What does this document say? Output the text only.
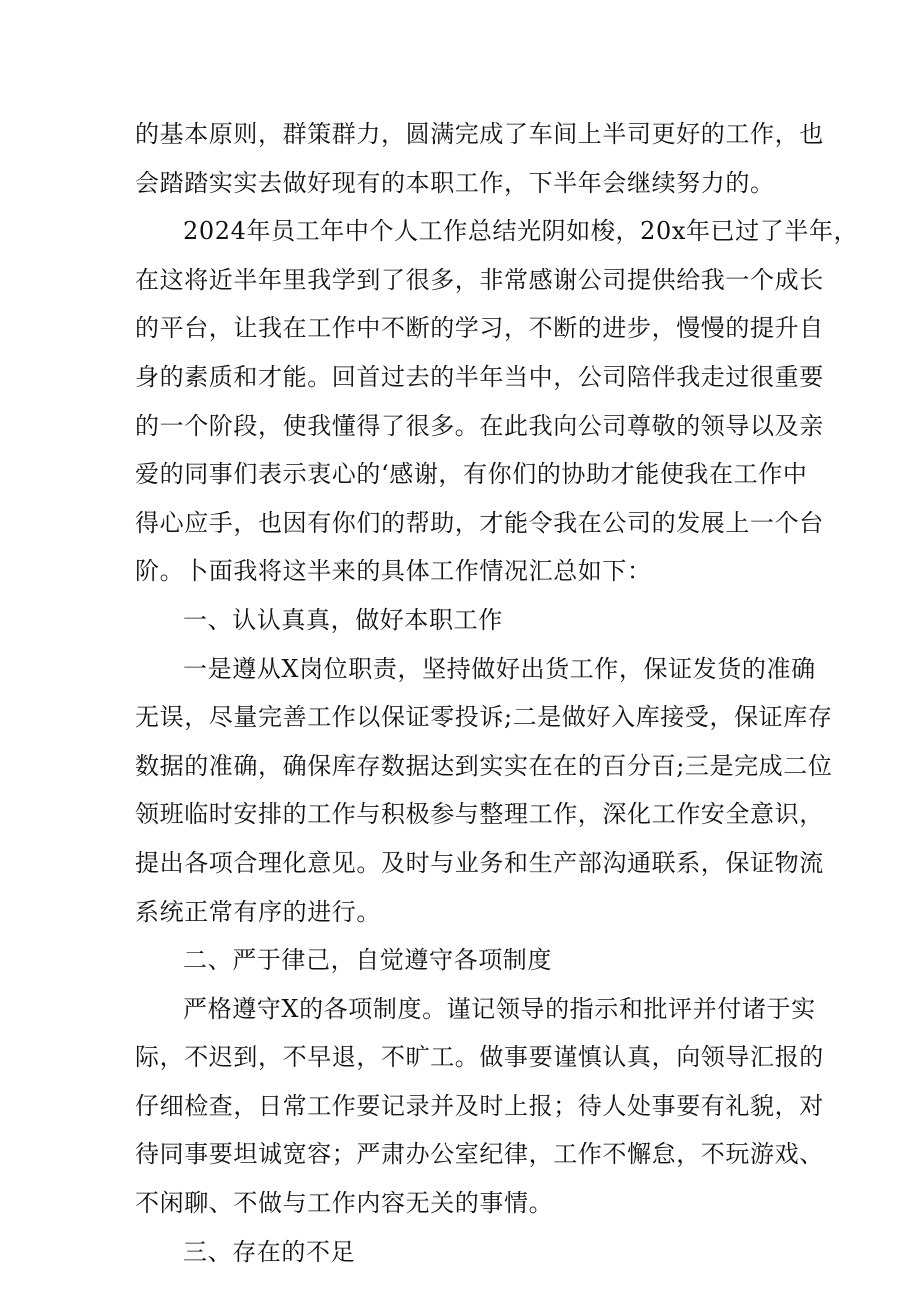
的基本原则，群策群力，圆满完成了车间上半司更好的工作，也
会踏踏实实去做好现有的本职工作，下半年会继续努力的。
2024年员工年中个人工作总结光阴如梭，20x年已过了半年，
在这将近半年里我学到了很多，非常感谢公司提供给我一个成长
的平台，让我在工作中不断的学习，不断的进步，慢慢的提升自
身的素质和才能。回首过去的半年当中，公司陪伴我走过很重要
的一个阶段，使我懂得了很多。在此我向公司尊敬的领导以及亲
爱的同事们表示衷心的‘感谢，有你们的协助才能使我在工作中
得心应手，也因有你们的帮助，才能令我在公司的发展上一个台
阶。卜面我将这半来的具体工作情况汇总如下：
一、认认真真，做好本职工作
一是遵从X岗位职责，坚持做好出货工作，保证发货的准确
无误，尽量完善工作以保证零投诉;二是做好入库接受，保证库存
数据的准确，确保库存数据达到实实在在的百分百;三是完成二位
领班临时安排的工作与积极参与整理工作，深化工作安全意识，
提出各项合理化意见。及时与业务和生产部沟通联系，保证物流
系统正常有序的进行。
二、严于律己，自觉遵守各项制度
严格遵守X的各项制度。谨记领导的指示和批评并付诸于实
际，不迟到，不早退，不旷工。做事要谨慎认真，向领导汇报的
仔细检查，日常工作要记录并及时上报；待人处事要有礼貌，对
待同事要坦诚宽容；严肃办公室纪律，工作不懈怠，不玩游戏、
不闲聊、不做与工作内容无关的事情。
三、存在的不足
